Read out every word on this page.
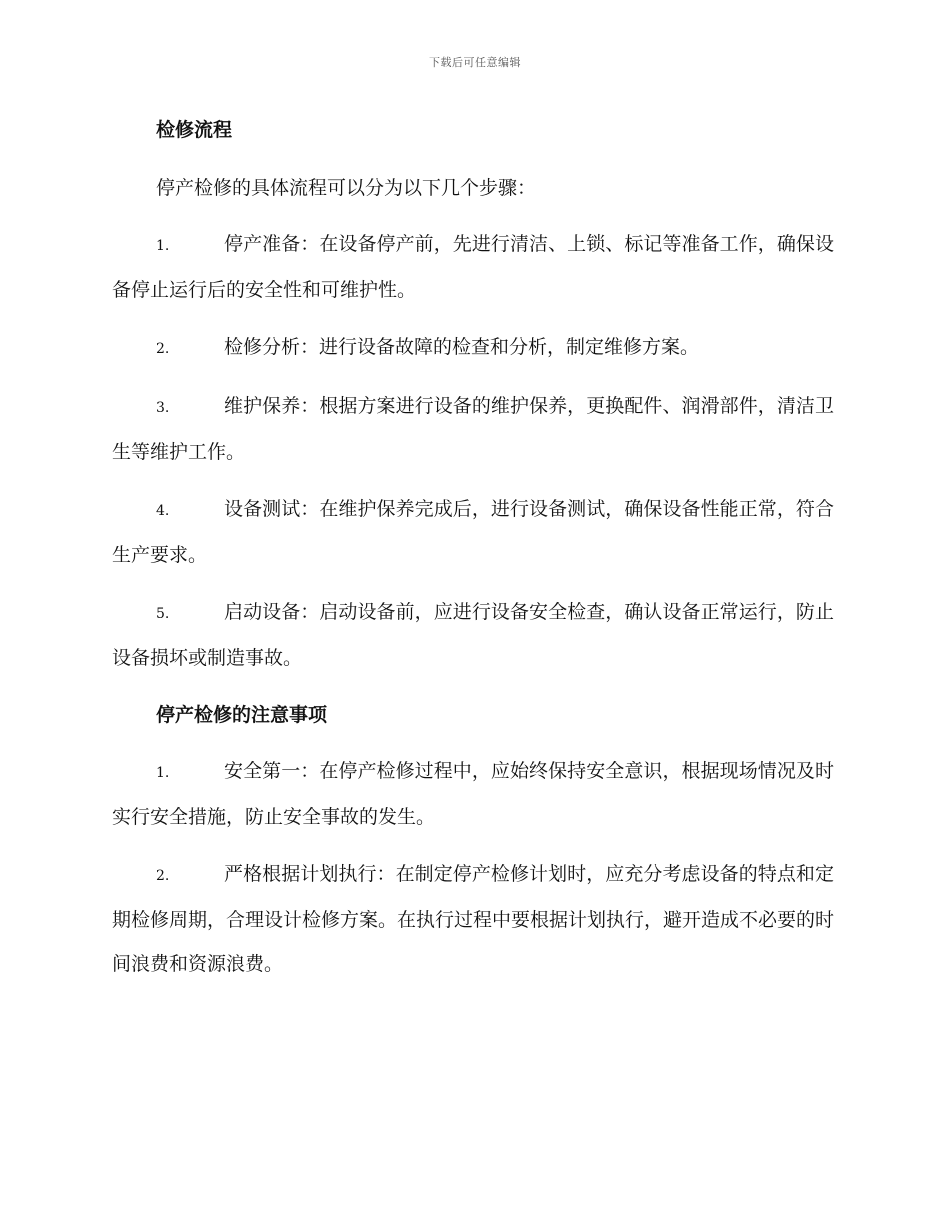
下载后可任意编辑
检修流程

停产检修的具体流程可以分为以下几个步骤：

1.	停产准备：在设备停产前，先进行清洁、上锁、标记等准备工作，确保设备停止运行后的安全性和可维护性。

2.	检修分析：进行设备故障的检查和分析，制定维修方案。

3.	维护保养：根据方案进行设备的维护保养，更换配件、润滑部件，清洁卫生等维护工作。

4.	设备测试：在维护保养完成后，进行设备测试，确保设备性能正常，符合生产要求。

5.	启动设备：启动设备前，应进行设备安全检查，确认设备正常运行，防止设备损坏或制造事故。

停产检修的注意事项

1.	安全第一：在停产检修过程中，应始终保持安全意识，根据现场情况及时实行安全措施，防止安全事故的发生。

2.	严格根据计划执行：在制定停产检修计划时，应充分考虑设备的特点和定期检修周期，合理设计检修方案。在执行过程中要根据计划执行，避开造成不必要的时间浪费和资源浪费。
